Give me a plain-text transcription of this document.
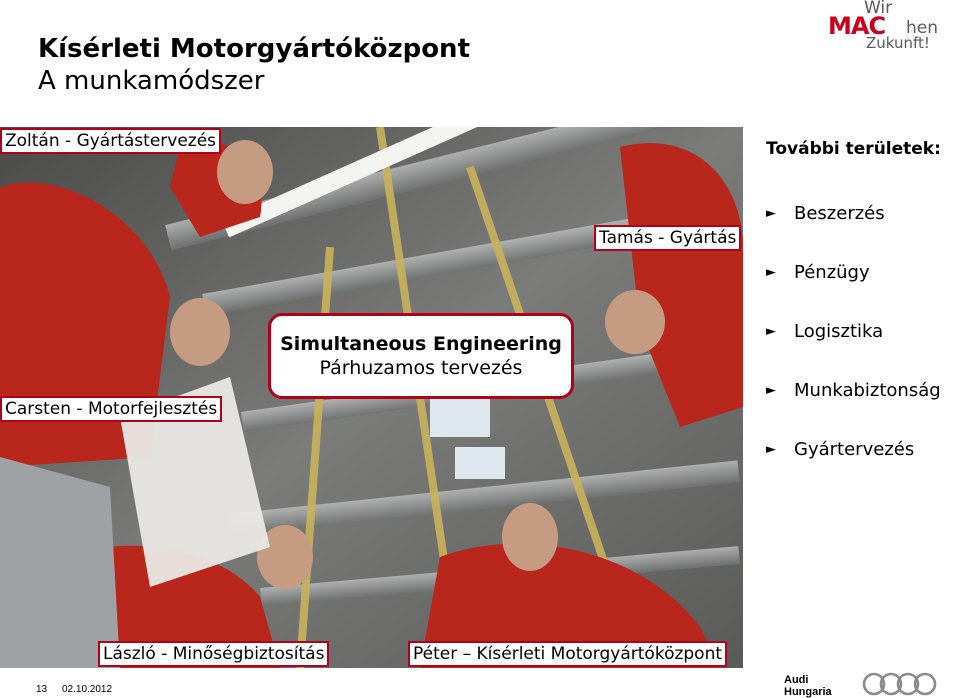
Kísérleti Motorgyártóközpont
A munkamódszer
Wir
MAC hen
Zukunft!
Zoltán - Gyártástervezés
Tamás - Gyártás
Carsten - Motorfejlesztés
László - Minőségbiztosítás	Péter – Kísérleti Motorgyártóközpont
Simultaneous Engineering
Párhuzamos tervezés
További területek:
►	Beszerzés
►	Pénzügy
►	Logisztika
►	Munkabiztonság
►	Gyártervezés
13 02.10.2012
Audi
Hungaria
